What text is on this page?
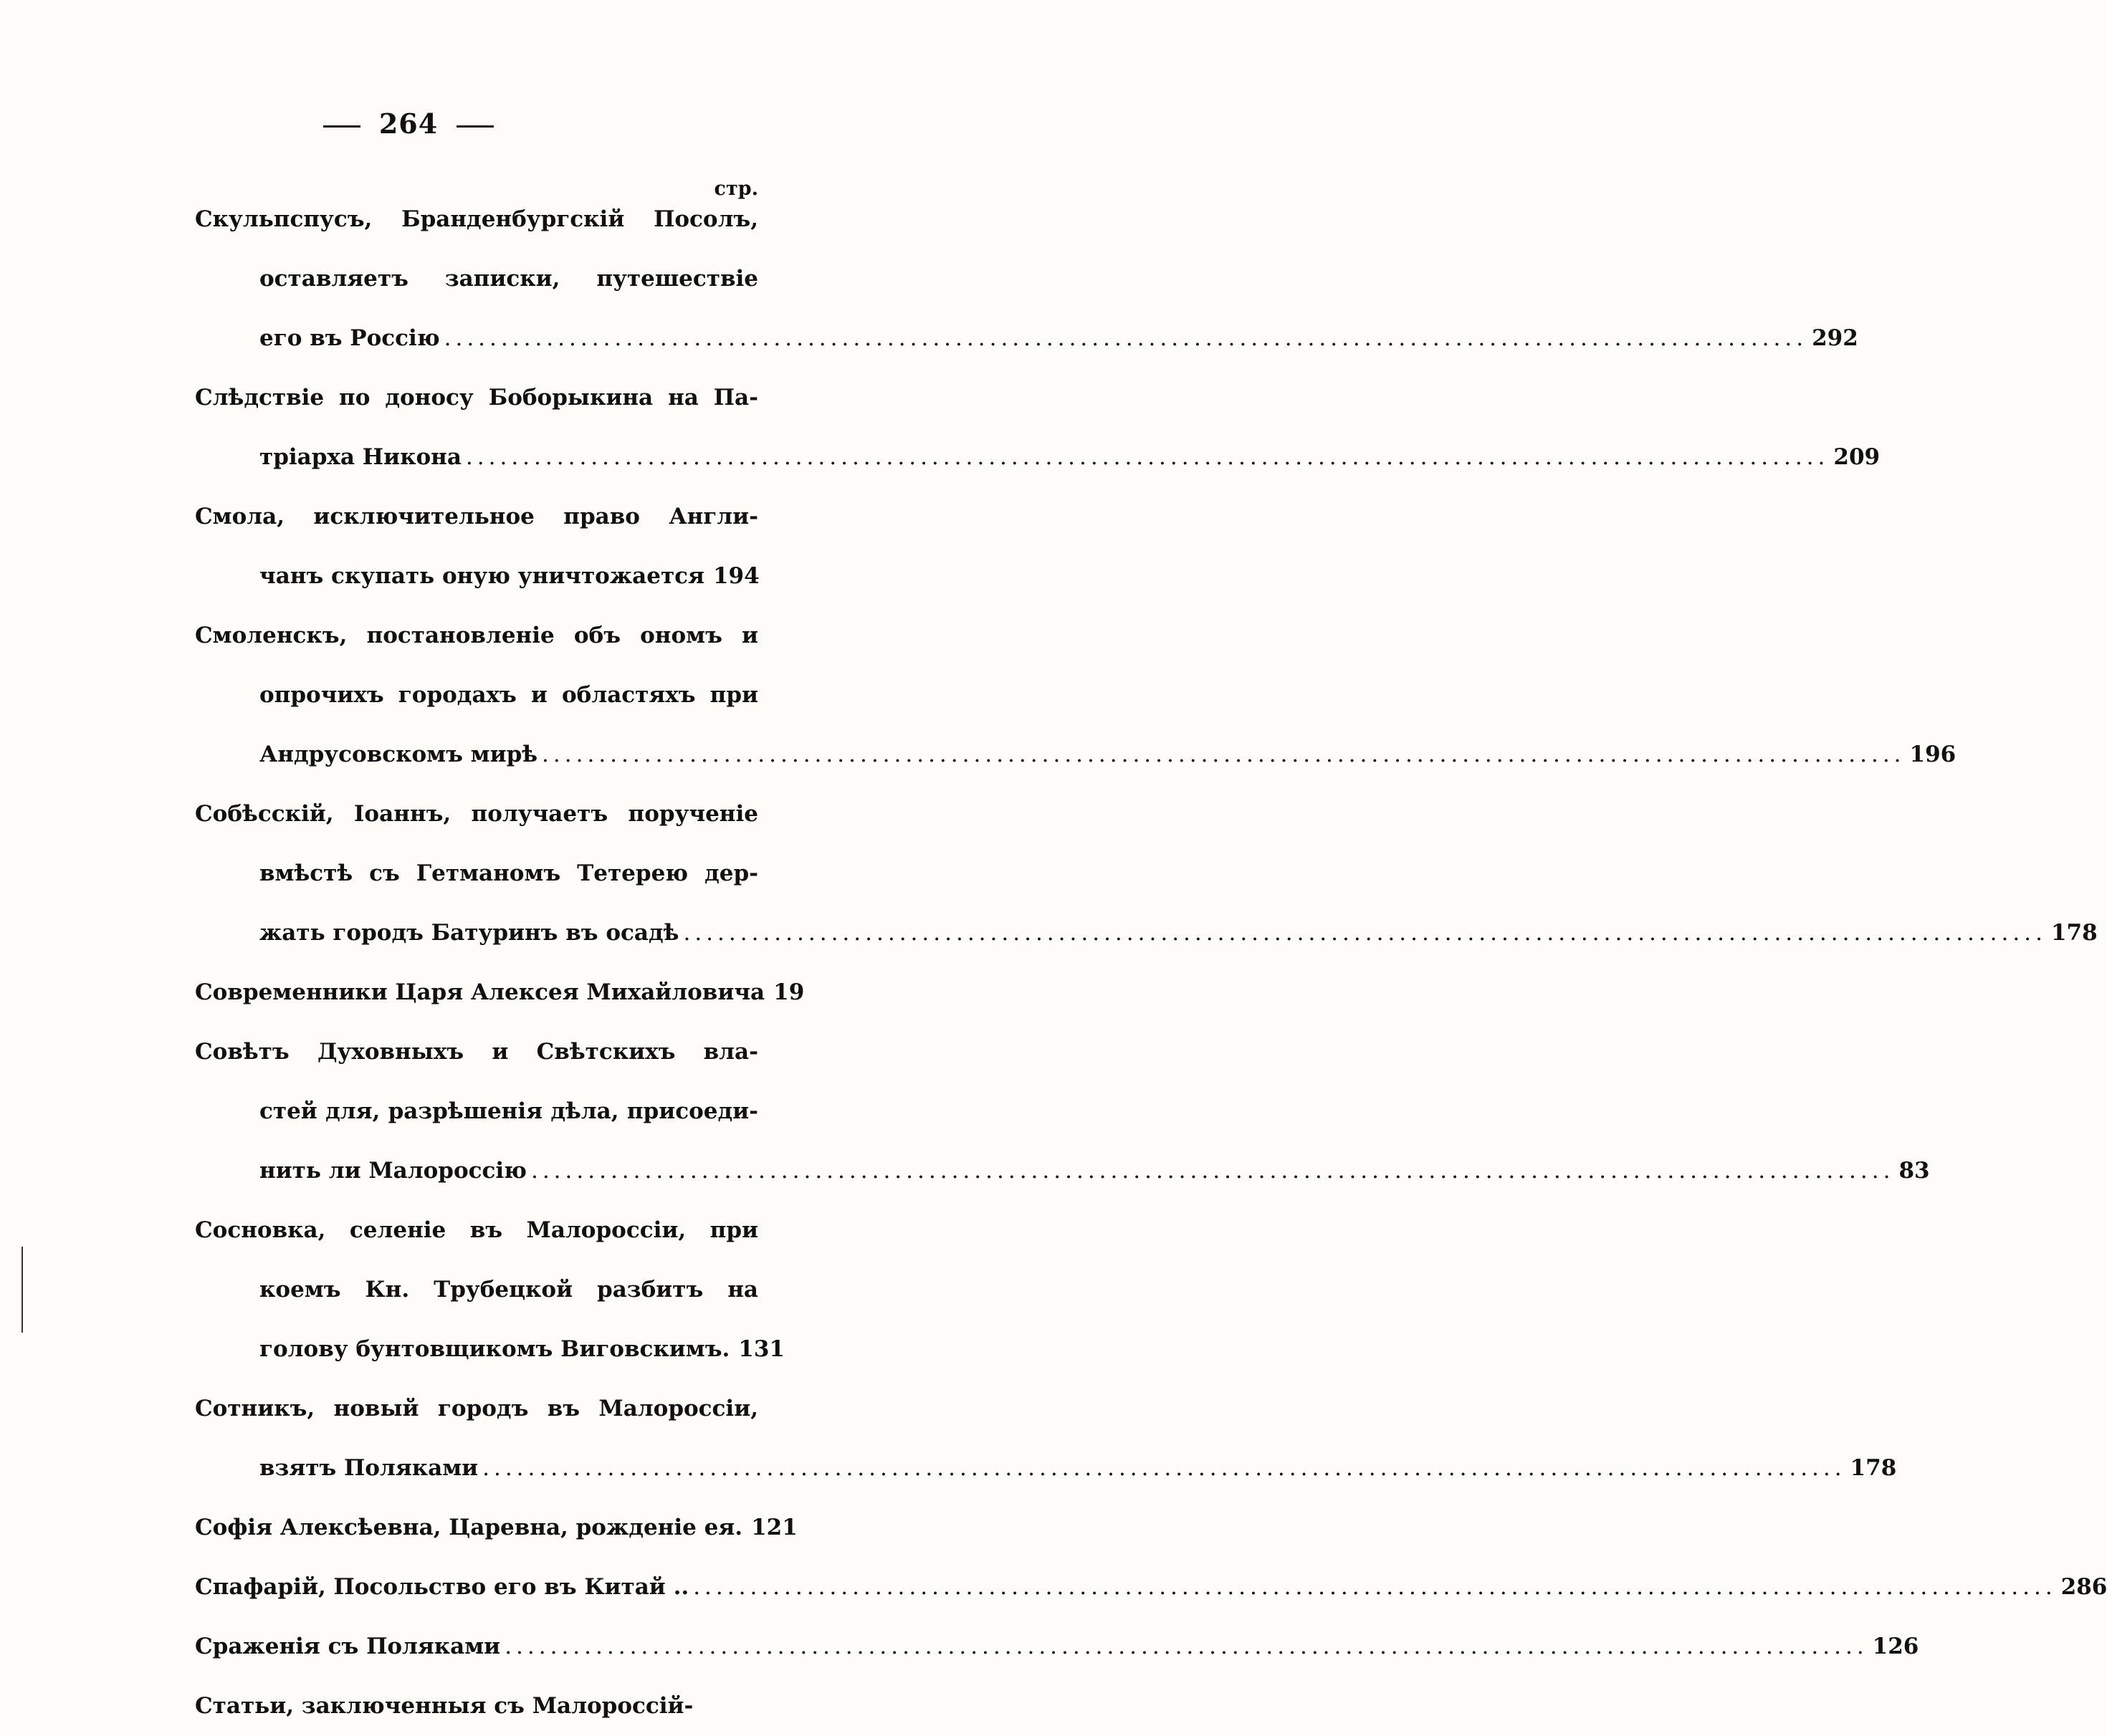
264
стр.
Скульпспусъ, Бранденбургскій Посолъ,
оставляетъ записки, путешествіе
его въ Россію ........................................................................................................................ 292
Слѣдствіе по доносу Боборыкина на Па-
тріарха Никона ........................................................................................................................ 209
Смола, исключительное право Англи-
чанъ скупать оную уничтожается 194
Смоленскъ, постановленіе объ ономъ и
опрочихъ городахъ и областяхъ при
Андрусовскомъ мирѣ ........................................................................................................................ 196
Собѣсскій, Іоаннъ, получаетъ порученіе
вмѣстѣ съ Гетманомъ Тетерею дер-
жать городъ Батуринъ въ осадѣ ........................................................................................................................ 178
Современники Царя Алексея Михайловича 19
Совѣтъ Духовныхъ и Свѣтскихъ вла-
стей для, разрѣшенія дѣла, присоеди-
нить ли Малороссію ........................................................................................................................ 83
Сосновка, селеніе въ Малороссіи, при
коемъ Кн. Трубецкой разбитъ на
голову бунтовщикомъ Виговскимъ. 131
Сотникъ, новый городъ въ Малороссіи,
взятъ Поляками ........................................................................................................................ 178
Софія Алексѣевна, Царевна, рожденіе ея. 121
Спафарій, Посольство его въ Китай .. ........................................................................................................................ 286
Сраженія съ Поляками ........................................................................................................................ 126
Статьи, заключенныя съ Малороссій-
